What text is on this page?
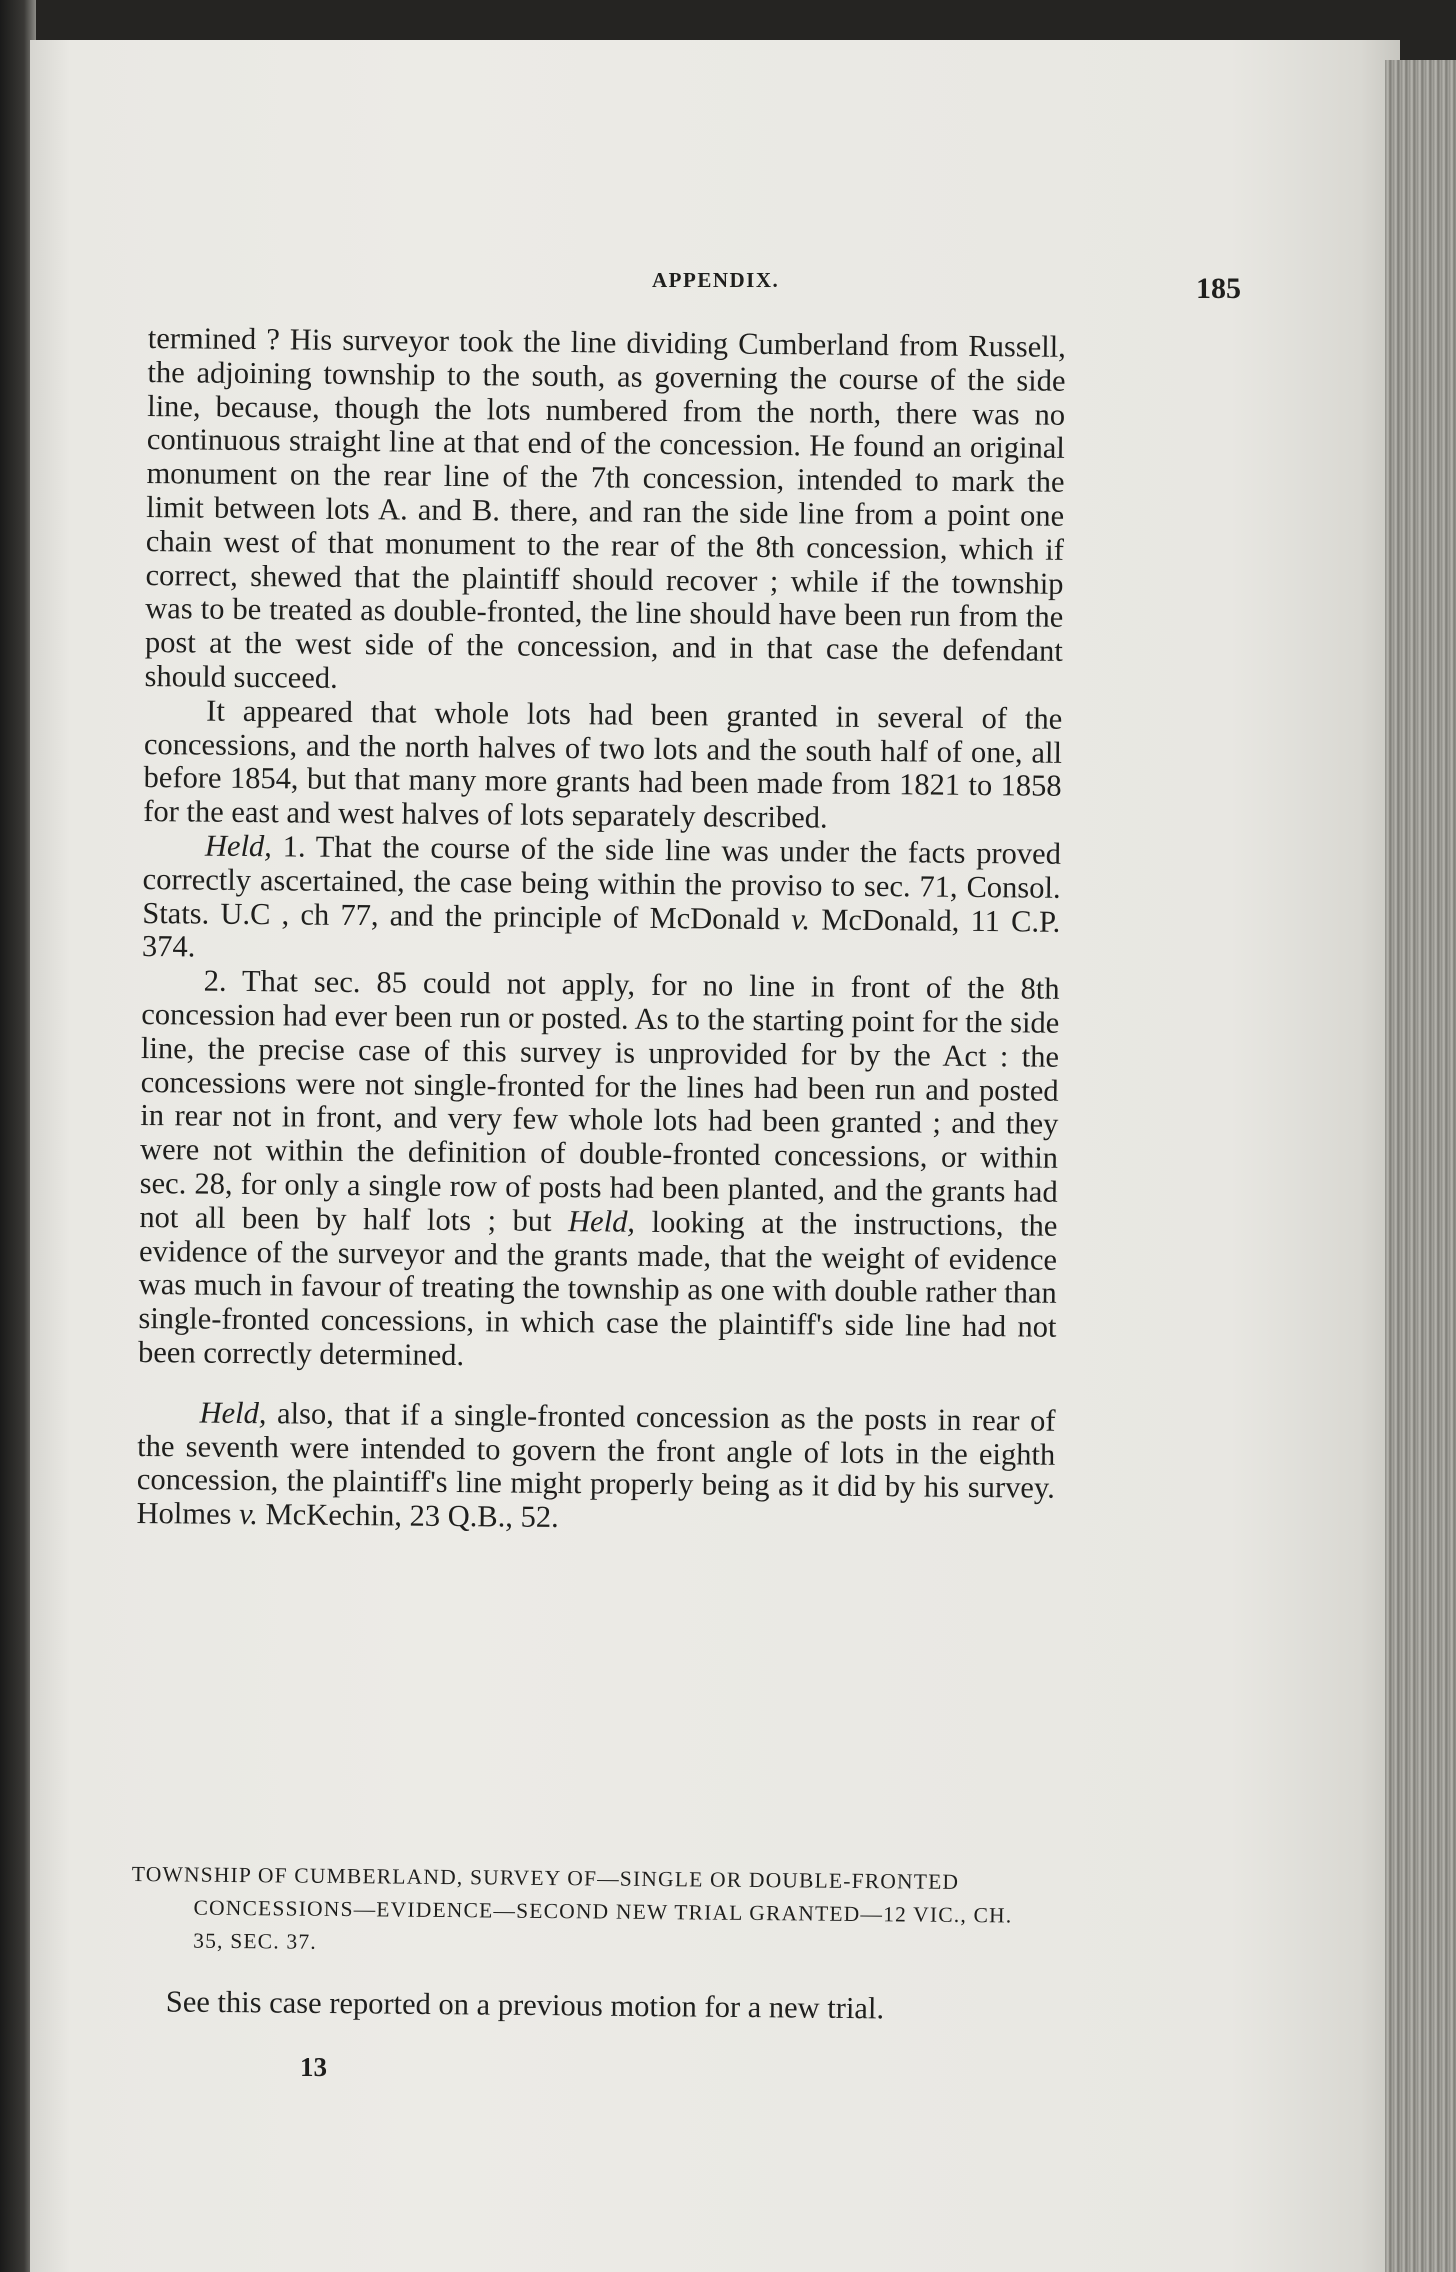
APPENDIX.	185

termined ? His surveyor took the line dividing Cumberland from Russell, the adjoining township to the south, as governing the course of the side line, because, though the lots numbered from the north, there was no continuous straight line at that end of the concession. He found an original monument on the rear line of the 7th concession, intended to mark the limit between lots A. and B. there, and ran the side line from a point one chain west of that monument to the rear of the 8th concession, which if correct, shewed that the plaintiff should recover ; while if the township was to be treated as double-fronted, the line should have been run from the post at the west side of the concession, and in that case the defendant should succeed.

It appeared that whole lots had been granted in several of the concessions, and the north halves of two lots and the south half of one, all before 1854, but that many more grants had been made from 1821 to 1858 for the east and west halves of lots separately described.

Held, 1. That the course of the side line was under the facts proved correctly ascertained, the case being within the proviso to sec. 71, Consol. Stats. U.C , ch 77, and the principle of McDonald v. McDonald, 11 C.P. 374.

2. That sec. 85 could not apply, for no line in front of the 8th concession had ever been run or posted. As to the starting point for the side line, the precise case of this survey is unprovided for by the Act : the concessions were not single-fronted for the lines had been run and posted in rear not in front, and very few whole lots had been granted ; and they were not within the definition of double-fronted concessions, or within sec. 28, for only a single row of posts had been planted, and the grants had not all been by half lots ; but Held, looking at the instructions, the evidence of the surveyor and the grants made, that the weight of evidence was much in favour of treating the township as one with double rather than single-fronted concessions, in which case the plaintiff's side line had not been correctly determined.

Held, also, that if a single-fronted concession as the posts in rear of the seventh were intended to govern the front angle of lots in the eighth concession, the plaintiff's line might properly being as it did by his survey. Holmes v. McKechin, 23 Q.B., 52.

TOWNSHIP OF CUMBERLAND, SURVEY OF—SINGLE OR DOUBLE-FRONTED CONCESSIONS—EVIDENCE—SECOND NEW TRIAL GRANTED—12 VIC., CH. 35, SEC. 37.

See this case reported on a previous motion for a new trial.

13
